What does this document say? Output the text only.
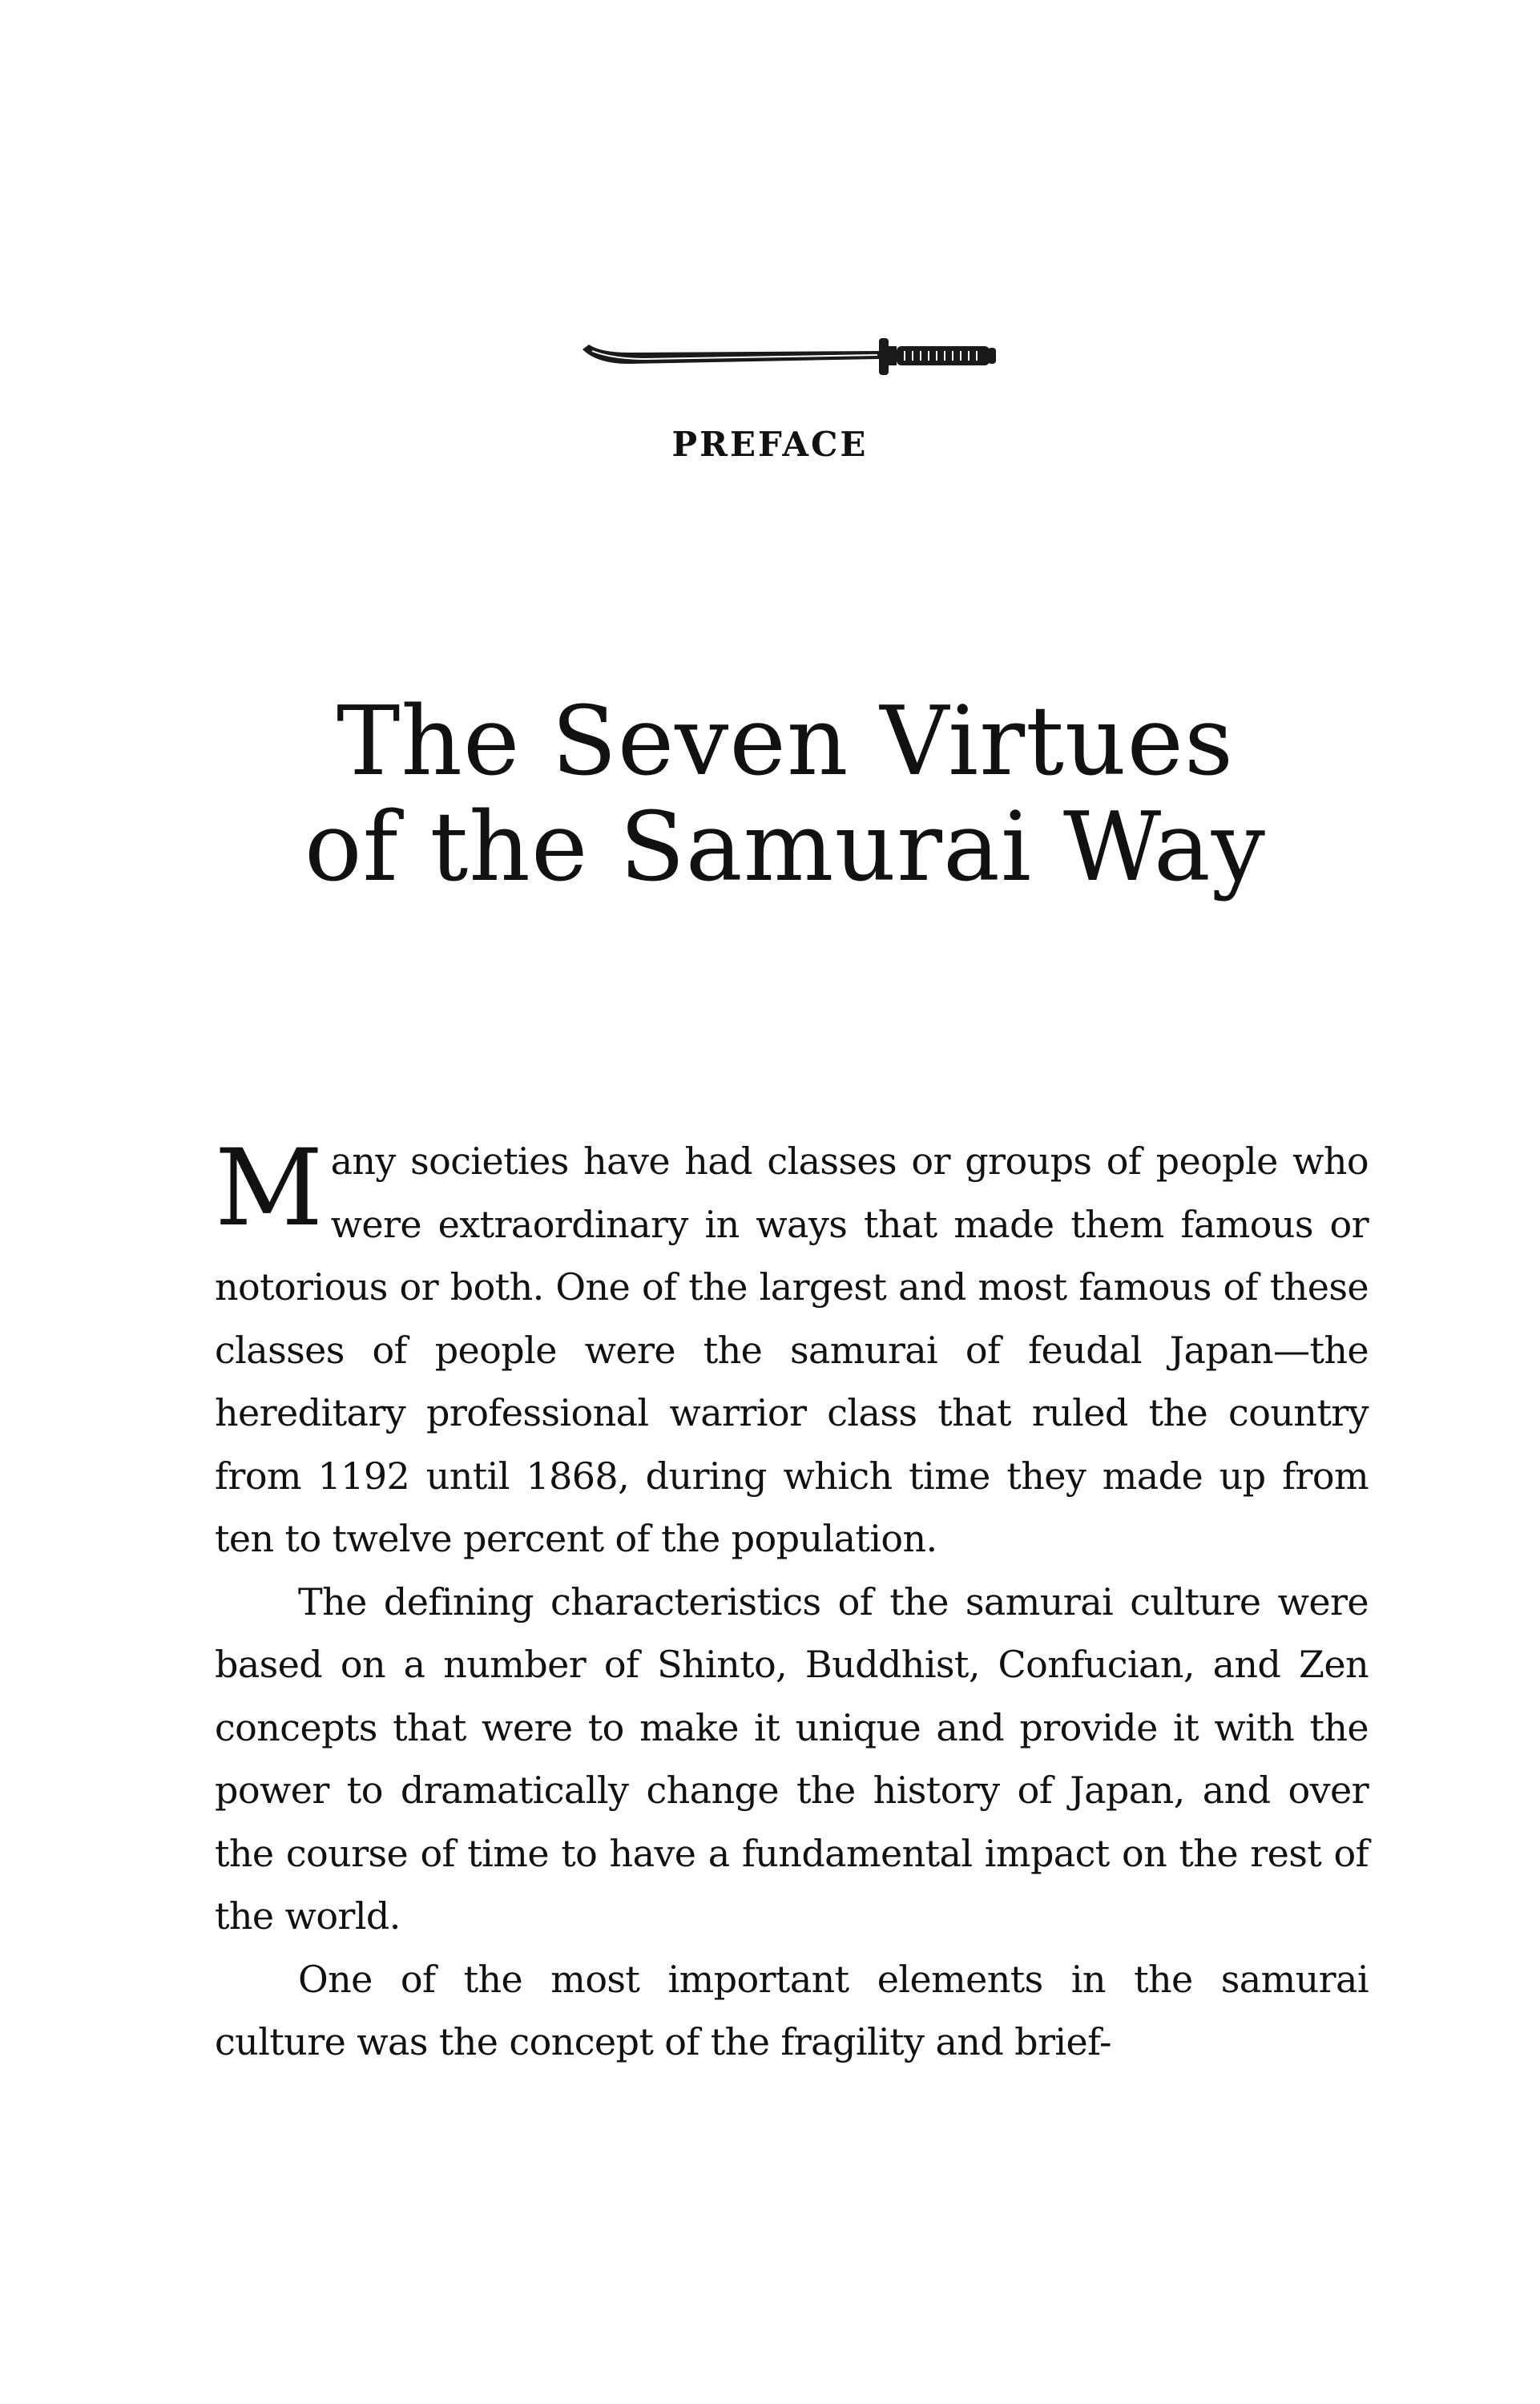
PREFACE
The Seven Virtues
of the Samurai Way

Many societies have had classes or groups of people who were extraordinary in ways that made them famous or notorious or both. One of the largest and most famous of these classes of people were the samurai of feudal Japan—the hereditary professional warrior class that ruled the country from 1192 until 1868, during which time they made up from ten to twelve percent of the population.

The defining characteristics of the samurai culture were based on a number of Shinto, Buddhist, Confucian, and Zen concepts that were to make it unique and provide it with the power to dramatically change the history of Japan, and over the course of time to have a fundamental impact on the rest of the world.

One of the most important elements in the samurai culture was the concept of the fragility and brief-
